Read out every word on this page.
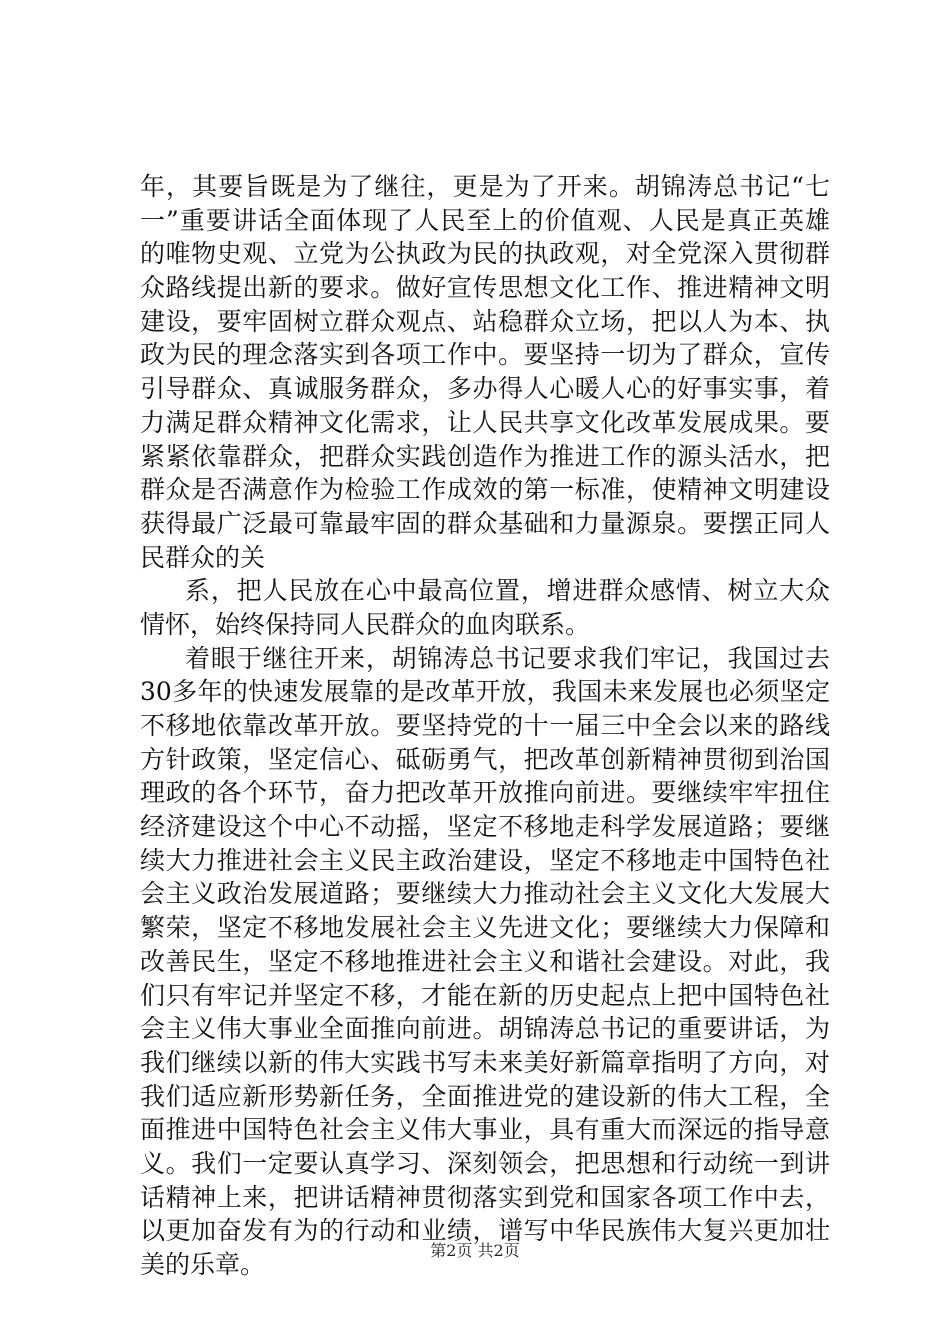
年，其要旨既是为了继往，更是为了开来。胡锦涛总书记“七
一”重要讲话全面体现了人民至上的价值观、人民是真正英雄
的唯物史观、立党为公执政为民的执政观，对全党深入贯彻群
众路线提出新的要求。做好宣传思想文化工作、推进精神文明
建设，要牢固树立群众观点、站稳群众立场，把以人为本、执
政为民的理念落实到各项工作中。要坚持一切为了群众，宣传
引导群众、真诚服务群众，多办得人心暖人心的好事实事，着
力满足群众精神文化需求，让人民共享文化改革发展成果。要
紧紧依靠群众，把群众实践创造作为推进工作的源头活水，把
群众是否满意作为检验工作成效的第一标准，使精神文明建设
获得最广泛最可靠最牢固的群众基础和力量源泉。要摆正同人
民群众的关
系，把人民放在心中最高位置，增进群众感情、树立大众
情怀，始终保持同人民群众的血肉联系。
着眼于继往开来，胡锦涛总书记要求我们牢记，我国过去
30多年的快速发展靠的是改革开放，我国未来发展也必须坚定
不移地依靠改革开放。要坚持党的十一届三中全会以来的路线
方针政策，坚定信心、砥砺勇气，把改革创新精神贯彻到治国
理政的各个环节，奋力把改革开放推向前进。要继续牢牢扭住
经济建设这个中心不动摇，坚定不移地走科学发展道路；要继
续大力推进社会主义民主政治建设，坚定不移地走中国特色社
会主义政治发展道路；要继续大力推动社会主义文化大发展大
繁荣，坚定不移地发展社会主义先进文化；要继续大力保障和
改善民生，坚定不移地推进社会主义和谐社会建设。对此，我
们只有牢记并坚定不移，才能在新的历史起点上把中国特色社
会主义伟大事业全面推向前进。胡锦涛总书记的重要讲话，为
我们继续以新的伟大实践书写未来美好新篇章指明了方向，对
我们适应新形势新任务，全面推进党的建设新的伟大工程，全
面推进中国特色社会主义伟大事业，具有重大而深远的指导意
义。我们一定要认真学习、深刻领会，把思想和行动统一到讲
话精神上来，把讲话精神贯彻落实到党和国家各项工作中去，
以更加奋发有为的行动和业绩，谱写中华民族伟大复兴更加壮
美的乐章。	第2页 共2页
